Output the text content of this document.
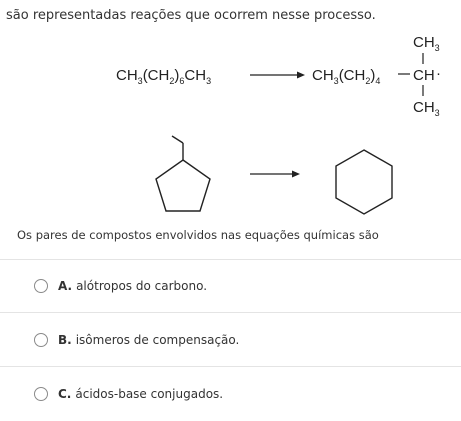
são representadas reações que ocorrem nesse processo.
$CH_3(CH_2)_6CH_3$	$CH_3(CH_2)_4$
$CH_3$
CH ·
$CH_3$
Os pares de compostos envolvidos nas equações químicas são
A. alótropos do carbono.
B. isômeros de compensação.
C. ácidos-base conjugados.
